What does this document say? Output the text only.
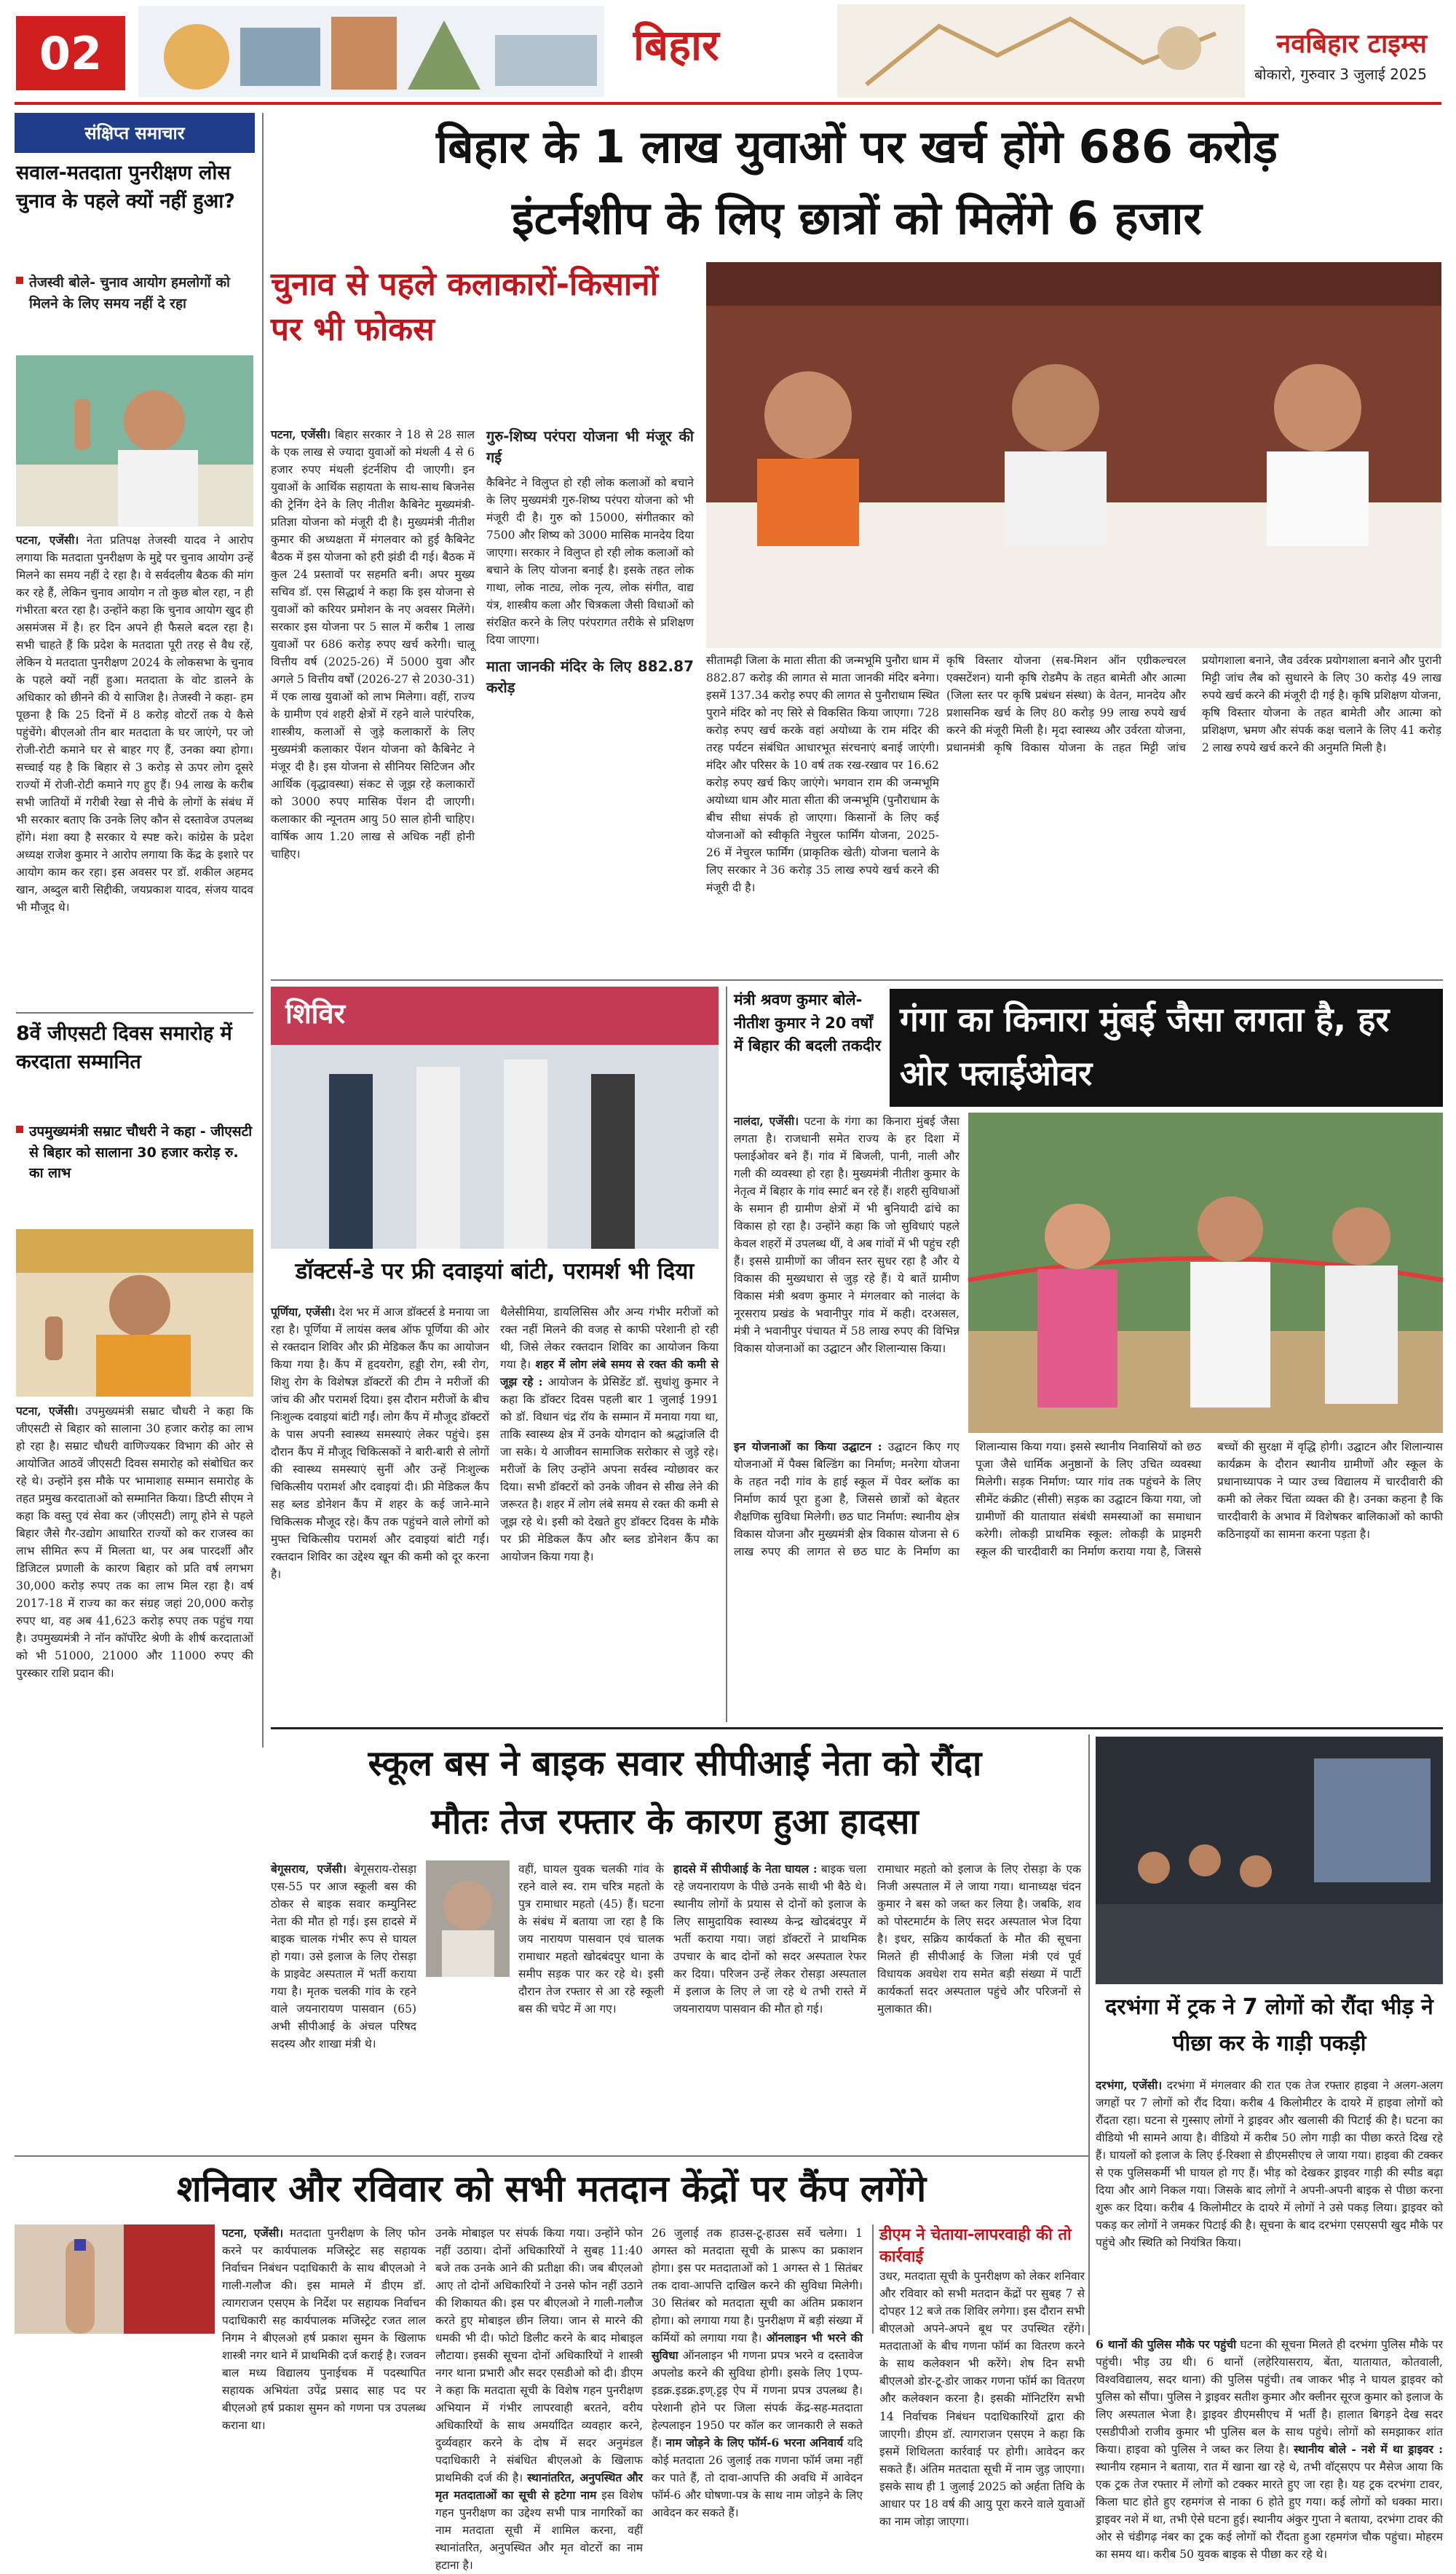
02	बिहार	नवबिहार टाइम्स
बोकारो, गुरुवार 3 जुलाई 2025
संक्षिप्त समाचार
सवाल-मतदाता पुनरीक्षण लोस चुनाव के पहले क्यों नहीं हुआ?
तेजस्वी बोले- चुनाव आयोग हमलोगों को मिलने के लिए समय नहीं दे रहा
पटना, एजेंसी। नेता प्रतिपक्ष तेजस्वी यादव ने आरोप लगाया कि मतदाता पुनरीक्षण के मुद्दे पर चुनाव आयोग उन्हें मिलने का समय नहीं दे रहा है। वे सर्वदलीय बैठक की मांग कर रहे हैं, लेकिन चुनाव आयोग न तो कुछ बोल रहा, न ही गंभीरता बरत रहा है। उन्होंने कहा कि चुनाव आयोग खुद ही असमंजस में है। हर दिन अपने ही फैसले बदल रहा है। सभी चाहते हैं कि प्रदेश के मतदाता पूरी तरह से वैध रहें, लेकिन ये मतदाता पुनरीक्षण 2024 के लोकसभा के चुनाव के पहले क्यों नहीं हुआ। मतदाता के वोट डालने के अधिकार को छीनने की ये साजिश है। तेजस्वी ने कहा- हम पूछना है कि 25 दिनों में 8 करोड़ वोटरों तक ये कैसे पहुंचेंगे। बीएलओ तीन बार मतदाता के घर जाएंगे, पर जो रोजी-रोटी कमाने घर से बाहर गए हैं, उनका क्या होगा। सच्चाई यह है कि बिहार से 3 करोड़ से ऊपर लोग दूसरे राज्यों में रोजी-रोटी कमाने गए हुए हैं। 94 लाख के करीब सभी जातियों में गरीबी रेखा से नीचे के लोगों के संबंध में भी सरकार बताए कि उनके लिए कौन से दस्तावेज उपलब्ध होंगे। मंशा क्या है सरकार ये स्पष्ट करे। कांग्रेस के प्रदेश अध्यक्ष राजेश कुमार ने आरोप लगाया कि केंद्र के इशारे पर आयोग काम कर रहा। इस अवसर पर डॉ. शकील अहमद खान, अब्दुल बारी सिद्दीकी, जयप्रकाश यादव, संजय यादव भी मौजूद थे।
8वें जीएसटी दिवस समारोह में करदाता सम्मानित
उपमुख्यमंत्री सम्राट चौधरी ने कहा - जीएसटी से बिहार को सालाना 30 हजार करोड़ रु. का लाभ
पटना, एजेंसी। उपमुख्यमंत्री सम्राट चौधरी ने कहा कि जीएसटी से बिहार को सालाना 30 हजार करोड़ का लाभ हो रहा है। सम्राट चौधरी वाणिज्यकर विभाग की ओर से आयोजित आठवें जीएसटी दिवस समारोह को संबोधित कर रहे थे। उन्होंने इस मौके पर भामाशाह सम्मान समारोह के तहत प्रमुख करदाताओं को सम्मानित किया। डिप्टी सीएम ने कहा कि वस्तु एवं सेवा कर (जीएसटी) लागू होने से पहले बिहार जैसे गैर-उद्योग आधारित राज्यों को कर राजस्व का लाभ सीमित रूप में मिलता था, पर अब पारदर्शी और डिजिटल प्रणाली के कारण बिहार को प्रति वर्ष लगभग 30,000 करोड़ रुपए तक का लाभ मिल रहा है। वर्ष 2017-18 में राज्य का कर संग्रह जहां 20,000 करोड़ रुपए था, वह अब 41,623 करोड़ रुपए तक पहुंच गया है। उपमुख्यमंत्री ने नॉन कॉर्पोरेट श्रेणी के शीर्ष करदाताओं को भी 51000, 21000 और 11000 रुपए की पुरस्कार राशि प्रदान की।
बिहार के 1 लाख युवाओं पर खर्च होंगे 686 करोड़
इंटर्नशीप के लिए छात्रों को मिलेंगे 6 हजार
चुनाव से पहले कलाकारों-किसानों पर भी फोकस
पटना, एजेंसी। बिहार सरकार ने 18 से 28 साल के एक लाख से ज्यादा युवाओं को मंथली 4 से 6 हजार रुपए मंथली इंटर्नशिप दी जाएगी। इन युवाओं के आर्थिक सहायता के साथ-साथ बिजनेस की ट्रेनिंग देने के लिए नीतीश कैबिनेट मुख्यमंत्री-प्रतिज्ञा योजना को मंजूरी दी है। मुख्यमंत्री नीतीश कुमार की अध्यक्षता में मंगलवार को हुई कैबिनेट बैठक में इस योजना को हरी झंडी दी गई। बैठक में कुल 24 प्रस्तावों पर सहमति बनी। अपर मुख्य सचिव डॉ. एस सिद्धार्थ ने कहा कि इस योजना से युवाओं को करियर प्रमोशन के नए अवसर मिलेंगे। सरकार इस योजना पर 5 साल में करीब 1 लाख युवाओं पर 686 करोड़ रुपए खर्च करेगी। चालू वित्तीय वर्ष (2025-26) में 5000 युवा और अगले 5 वित्तीय वर्षों (2026-27 से 2030-31) में एक लाख युवाओं को लाभ मिलेगा। वहीं, राज्य के ग्रामीण एवं शहरी क्षेत्रों में रहने वाले पारंपरिक, शास्त्रीय, कलाओं से जुड़े कलाकारों के लिए मुख्यमंत्री कलाकार पेंशन योजना को कैबिनेट ने मंजूर दी है। इस योजना से सीनियर सिटिजन और आर्थिक (वृद्धावस्था) संकट से जूझ रहे कलाकारों को 3000 रुपए मासिक पेंशन दी जाएगी। कलाकार की न्यूनतम आयु 50 साल होनी चाहिए। वार्षिक आय 1.20 लाख से अधिक नहीं होनी चाहिए।
गुरु-शिष्य परंपरा योजना भी मंजूर की गई
कैबिनेट ने विलुप्त हो रही लोक कलाओं को बचाने के लिए मुख्यमंत्री गुरु-शिष्य परंपरा योजना को भी मंजूरी दी है। गुरु को 15000, संगीतकार को 7500 और शिष्य को 3000 मासिक मानदेय दिया जाएगा। सरकार ने विलुप्त हो रही लोक कलाओं को बचाने के लिए योजना बनाई है। इसके तहत लोक गाथा, लोक नाट्य, लोक नृत्य, लोक संगीत, वाद्य यंत्र, शास्त्रीय कला और चित्रकला जैसी विधाओं को संरक्षित करने के लिए परंपरागत तरीके से प्रशिक्षण दिया जाएगा।
माता जानकी मंदिर के लिए 882.87 करोड़
सीतामढ़ी जिला के माता सीता की जन्मभूमि पुनौरा धाम में 882.87 करोड़ की लागत से माता जानकी मंदिर बनेगा। इसमें 137.34 करोड़ रुपए की लागत से पुनौराधाम स्थित पुराने मंदिर को नए सिरे से विकसित किया जाएगा। 728 करोड़ रुपए खर्च करके वहां अयोध्या के राम मंदिर की तरह पर्यटन संबंधित आधारभूत संरचनाएं बनाई जाएंगी। मंदिर और परिसर के 10 वर्ष तक रख-रखाव पर 16.62 करोड़ रुपए खर्च किए जाएंगे। भगवान राम की जन्मभूमि अयोध्या धाम और माता सीता की जन्मभूमि (पुनौराधाम के बीच सीधा संपर्क हो जाएगा। किसानों के लिए कई योजनाओं को स्वीकृति नेचुरल फार्मिंग योजना, 2025-26 में नेचुरल फार्मिंग (प्राकृतिक खेती) योजना चलाने के लिए सरकार ने 36 करोड़ 35 लाख रुपये खर्च करने की मंजूरी दी है।
कृषि विस्तार योजना (सब-मिशन ऑन एग्रीकल्चरल एक्सटेंशन) यानी कृषि रोडमैप के तहत बामेती और आत्मा (जिला स्तर पर कृषि प्रबंधन संस्था) के वेतन, मानदेय और प्रशासनिक खर्च के लिए 80 करोड़ 99 लाख रुपये खर्च करने की मंजूरी मिली है। मृदा स्वास्थ्य और उर्वरता योजना, प्रधानमंत्री कृषि विकास योजना के तहत मिट्टी जांच प्रयोगशाला बनाने, जैव उर्वरक प्रयोगशाला बनाने और पुरानी मिट्टी जांच लैब को सुधारने के लिए 30 करोड़ 49 लाख रुपये खर्च करने की मंजूरी दी गई है। कृषि प्रशिक्षण योजना, कृषि विस्तार योजना के तहत बामेती और आत्मा को प्रशिक्षण, भ्रमण और संपर्क कक्ष चलाने के लिए 41 करोड़ 2 लाख रुपये खर्च करने की अनुमति मिली है।
शिविर
डॉक्टर्स-डे पर फ्री दवाइयां बांटी, परामर्श भी दिया
पूर्णिया, एजेंसी। देश भर में आज डॉक्टर्स डे मनाया जा रहा है। पूर्णिया में लायंस क्लब ऑफ पूर्णिया की ओर से रक्तदान शिविर और फ्री मेडिकल कैंप का आयोजन किया गया है। कैंप में हृदयरोग, हड्डी रोग, स्त्री रोग, शिशु रोग के विशेषज्ञ डॉक्टरों की टीम ने मरीजों की जांच की और परामर्श दिया। इस दौरान मरीजों के बीच निःशुल्क दवाइयां बांटी गईं। लोग कैंप में मौजूद डॉक्टरों के पास अपनी स्वास्थ्य समस्याएं लेकर पहुंचे। इस दौरान कैंप में मौजूद चिकित्सकों ने बारी-बारी से लोगों की स्वास्थ्य समस्याएं सुनीं और उन्हें निःशुल्क चिकित्सीय परामर्श और दवाइयां दी। फ्री मेडिकल कैंप सह ब्लड डोनेशन कैंप में शहर के कई जाने-माने चिकित्सक मौजूद रहे। कैंप तक पहुंचने वाले लोगों को मुफ्त चिकित्सीय परामर्श और दवाइयां बांटी गईं। रक्तदान शिविर का उद्देश्य खून की कमी को दूर करना है।
थैलेसीमिया, डायलिसिस और अन्य गंभीर मरीजों को रक्त नहीं मिलने की वजह से काफी परेशानी हो रही थी, जिसे लेकर रक्तदान शिविर का आयोजन किया गया है। शहर में लोग लंबे समय से रक्त की कमी से जूझ रहे : आयोजन के प्रेसिडेंट डॉ. सुधांशु कुमार ने कहा कि डॉक्टर दिवस पहली बार 1 जुलाई 1991 को डॉ. विधान चंद्र रॉय के सम्मान में मनाया गया था, ताकि स्वास्थ्य क्षेत्र में उनके योगदान को श्रद्धांजलि दी जा सके। ये आजीवन सामाजिक सरोकार से जुड़े रहे। मरीजों के लिए उन्होंने अपना सर्वस्व न्योछावर कर दिया। सभी डॉक्टरों को उनके जीवन से सीख लेने की जरूरत है। शहर में लोग लंबे समय से रक्त की कमी से जूझ रहे थे। इसी को देखते हुए डॉक्टर दिवस के मौके पर फ्री मेडिकल कैंप और ब्लड डोनेशन कैंप का आयोजन किया गया है।
मंत्री श्रवण कुमार बोले- नीतीश कुमार ने 20 वर्षों में बिहार की बदली तकदीर
गंगा का किनारा मुंबई जैसा लगता है, हर ओर फ्लाईओवर
नालंदा, एजेंसी। पटना के गंगा का किनारा मुंबई जैसा लगता है। राजधानी समेत राज्य के हर दिशा में फ्लाईओवर बने हैं। गांव में बिजली, पानी, नाली और गली की व्यवस्था हो रहा है। मुख्यमंत्री नीतीश कुमार के नेतृत्व में बिहार के गांव स्मार्ट बन रहे हैं। शहरी सुविधाओं के समान ही ग्रामीण क्षेत्रों में भी बुनियादी ढांचे का विकास हो रहा है। उन्होंने कहा कि जो सुविधाएं पहले केवल शहरों में उपलब्ध थीं, वे अब गांवों में भी पहुंच रही हैं। इससे ग्रामीणों का जीवन स्तर सुधर रहा है और ये विकास की मुख्यधारा से जुड़ रहे हैं। ये बातें ग्रामीण विकास मंत्री श्रवण कुमार ने मंगलवार को नालंदा के नूरसराय प्रखंड के भवानीपुर गांव में कही। दरअसल, मंत्री ने भवानीपुर पंचायत में 58 लाख रुपए की विभिन्न विकास योजनाओं का उद्घाटन और शिलान्यास किया।
इन योजनाओं का किया उद्घाटन : उद्घाटन किए गए योजनाओं में पैक्स बिल्डिंग का निर्माण; मनरेगा योजना के तहत नदी गांव के हाई स्कूल में पेवर ब्लॉक का निर्माण कार्य पूरा हुआ है, जिससे छात्रों को बेहतर शैक्षणिक सुविधा मिलेगी। छठ घाट निर्माण: स्थानीय क्षेत्र विकास योजना और मुख्यमंत्री क्षेत्र विकास योजना से 6 लाख रुपए की लागत से छठ घाट के निर्माण का शिलान्यास किया गया। इससे स्थानीय निवासियों को छठ पूजा जैसे धार्मिक अनुष्ठानों के लिए उचित व्यवस्था मिलेगी। सड़क निर्माण: प्यार गांव तक पहुंचने के लिए सीमेंट कंक्रीट (सीसी) सड़क का उद्घाटन किया गया, जो ग्रामीणों की यातायात संबंधी समस्याओं का समाधान करेगी। लोकड़ी प्राथमिक स्कूल: लोकड़ी के प्राइमरी स्कूल की चारदीवारी का निर्माण कराया गया है, जिससे बच्चों की सुरक्षा में वृद्धि होगी। उद्घाटन और शिलान्यास कार्यक्रम के दौरान स्थानीय ग्रामीणों और स्कूल के प्रधानाध्यापक ने प्यार उच्च विद्यालय में चारदीवारी की कमी को लेकर चिंता व्यक्त की है। उनका कहना है कि चारदीवारी के अभाव में विशेषकर बालिकाओं को काफी कठिनाइयों का सामना करना पड़ता है।
स्कूल बस ने बाइक सवार सीपीआई नेता को रौंदा
मौतः तेज रफ्तार के कारण हुआ हादसा
बेगूसराय, एजेंसी। बेगूसराय-रोसड़ा एस-55 पर आज स्कूली बस की ठोकर से बाइक सवार कम्युनिस्ट नेता की मौत हो गई। इस हादसे में बाइक चालक गंभीर रूप से घायल हो गया। उसे इलाज के लिए रोसड़ा के प्राइवेट अस्पताल में भर्ती कराया गया है। मृतक चलकी गांव के रहने वाले जयनारायण पासवान (65) अभी सीपीआई के अंचल परिषद सदस्य और शाखा मंत्री थे।
वहीं, घायल युवक चलकी गांव के रहने वाले स्व. राम चरित्र महतो के पुत्र रामाधार महतो (45) हैं। घटना के संबंध में बताया जा रहा है कि जय नारायण पासवान एवं चालक रामाधार महतो खोदबंदपुर थाना के समीप सड़क पार कर रहे थे। इसी दौरान तेज रफ्तार से आ रहे स्कूली बस की चपेट में आ गए।
हादसे में सीपीआई के नेता घायल : बाइक चला रहे जयनारायण के पीछे उनके साथी भी बैठे थे। स्थानीय लोगों के प्रयास से दोनों को इलाज के लिए सामुदायिक स्वास्थ्य केन्द्र खोदबंदपुर में भर्ती कराया गया। जहां डॉक्टरों ने प्राथमिक उपचार के बाद दोनों को सदर अस्पताल रेफर कर दिया। परिजन उन्हें लेकर रोसड़ा अस्पताल में इलाज के लिए ले जा रहे थे तभी रास्ते में जयनारायण पासवान की मौत हो गई।
रामाधार महतो को इलाज के लिए रोसड़ा के एक निजी अस्पताल में ले जाया गया। थानाध्यक्ष चंदन कुमार ने बस को जब्त कर लिया है। जबकि, शव को पोस्टमार्टम के लिए सदर अस्पताल भेज दिया है। इधर, सक्रिय कार्यकर्ता के मौत की सूचना मिलते ही सीपीआई के जिला मंत्री एवं पूर्व विधायक अवधेश राय समेत बड़ी संख्या में पार्टी कार्यकर्ता सदर अस्पताल पहुंचे और परिजनों से मुलाकात की।	दरभंगा में ट्रक ने 7 लोगों को रौंदा भीड़ ने पीछा कर के गाड़ी पकड़ी
दरभंगा, एजेंसी। दरभंगा में मंगलवार की रात एक तेज रफ्तार हाइवा ने अलग-अलग जगहों पर 7 लोगों को रौंद दिया। करीब 4 किलोमीटर के दायरे में हाइवा लोगों को रौंदता रहा। घटना से गुस्साए लोगों ने ड्राइवर और खलासी की पिटाई की है। घटना का वीडियो भी सामने आया है। वीडियो में करीब 50 लोग गाड़ी का पीछा करते दिख रहे हैं। घायलों को इलाज के लिए ई-रिक्शा से डीएमसीएच ले जाया गया। हाइवा की टक्कर से एक पुलिसकर्मी भी घायल हो गए हैं। भीड़ को देखकर ड्राइवर गाड़ी की स्पीड बढ़ा दिया और आगे निकल गया। जिसके बाद लोगों ने अपनी-अपनी बाइक से पीछा करना शुरू कर दिया। करीब 4 किलोमीटर के दायरे में लोगों ने उसे पकड़ लिया। ड्राइवर को पकड़ कर लोगों ने जमकर पिटाई की है। सूचना के बाद दरभंगा एसएसपी खुद मौके पर पहुंचे और स्थिति को नियंत्रित किया।
शनिवार और रविवार को सभी मतदान केंद्रों पर कैंप लगेंगे
पटना, एजेंसी। मतदाता पुनरीक्षण के लिए फोन करने पर कार्यपालक मजिस्ट्रेट सह सहायक निर्वाचन निबंधन पदाधिकारी के साथ बीएलओ ने गाली-गलौज की। इस मामले में डीएम डॉ. त्यागराजन एसएम के निर्देश पर सहायक निर्वाचन पदाधिकारी सह कार्यपालक मजिस्ट्रेट रजत लाल निगम ने बीएलओ हर्ष प्रकाश सुमन के खिलाफ शास्त्री नगर थाने में प्राथमिकी दर्ज कराई है। रजवन बाल मध्य विद्यालय पुनाईचक में पदस्थापित सहायक अभियंता उपेंद्र प्रसाद साह पद पर बीएलओ हर्ष प्रकाश सुमन को गणना पत्र उपलब्ध कराना था।
उनके मोबाइल पर संपर्क किया गया। उन्होंने फोन नहीं उठाया। दोनों अधिकारियों ने सुबह 11:40 बजे तक उनके आने की प्रतीक्षा की। जब बीएलओ आए तो दोनों अधिकारियों ने उनसे फोन नहीं उठाने की शिकायत की। इस पर बीएलओ ने गाली-गलौज करते हुए मोबाइल छीन लिया। जान से मारने की धमकी भी दी। फोटो डिलीट करने के बाद मोबाइल लौटाया। इसकी सूचना दोनों अधिकारियों ने शास्त्री नगर थाना प्रभारी और सदर एसडीओ को दी। डीएम ने कहा कि मतदाता सूची के विशेष गहन पुनरीक्षण अभियान में गंभीर लापरवाही बरतने, वरीय अधिकारियों के साथ अमर्यादित व्यवहार करने, दुर्व्यवहार करने के दोष में सदर अनुमंडल पदाधिकारी ने संबंधित बीएलओ के खिलाफ प्राथमिकी दर्ज की है। स्थानांतरित, अनुपस्थित और मृत मतदाताओं का सूची से हटेगा नाम इस विशेष गहन पुनरीक्षण का उद्देश्य सभी पात्र नागरिकों का नाम मतदाता सूची में शामिल करना, वहीं स्थानांतरित, अनुपस्थित और मृत वोटरों का नाम हटाना है।
26 जुलाई तक हाउस-टू-हाउस सर्वे चलेगा। 1 अगस्त को मतदाता सूची के प्रारूप का प्रकाशन होगा। इस पर मतदाताओं को 1 अगस्त से 1 सितंबर तक दावा-आपत्ति दाखिल करने की सुविधा मिलेगी। 30 सितंबर को मतदाता सूची का अंतिम प्रकाशन होगा। को लगाया गया है। पुनरीक्षण में बड़ी संख्या में कर्मियों को लगाया गया है। ऑनलाइन भी भरने की सुविधा ऑनलाइन भी गणना प्रपत्र भरने व दस्तावेज अपलोड करने की सुविधा होगी। इसके लिए 1एप्प-इडक्र.इडक्र.इण्.ट्टइ ऐप में गणना प्रपत्र उपलब्ध है। परेशानी होने पर जिला संपर्क केंद्र-सह-मतदाता हेल्पलाइन 1950 पर कॉल कर जानकारी ले सकते हैं। नाम जोड़ने के लिए फॉर्म-6 भरना अनिवार्य यदि कोई मतदाता 26 जुलाई तक गणना फॉर्म जमा नहीं कर पाते हैं, तो दावा-आपत्ति की अवधि में आवेदन फॉर्म-6 और घोषणा-पत्र के साथ नाम जोड़ने के लिए आवेदन कर सकते हैं।
डीएम ने चेताया-लापरवाही की तो कार्रवाई
उधर, मतदाता सूची के पुनरीक्षण को लेकर शनिवार और रविवार को सभी मतदान केंद्रों पर सुबह 7 से दोपहर 12 बजे तक शिविर लगेगा। इस दौरान सभी बीएलओ अपने-अपने बूथ पर उपस्थित रहेंगे। मतदाताओं के बीच गणना फॉर्म का वितरण करने के साथ कलेक्शन भी करेंगे। शेष दिन सभी बीएलओ डोर-टू-डोर जाकर गणना फॉर्म का वितरण और कलेक्शन करना है। इसकी मॉनिटरिंग सभी 14 निर्वाचक निबंधन पदाधिकारियों द्वारा की जाएगी। डीएम डॉ. त्यागराजन एसएम ने कहा कि इसमें शिथिलता कार्रवाई पर होगी। आवेदन कर सकते हैं। अंतिम मतदाता सूची में नाम जुड़ जाएगा। इसके साथ ही 1 जुलाई 2025 को अर्हता तिथि के आधार पर 18 वर्ष की आयु पूरा करने वाले युवाओं का नाम जोड़ा जाएगा।
6 थानों की पुलिस मौके पर पहुंची घटना की सूचना मिलते ही दरभंगा पुलिस मौके पर पहुंची। भीड़ उग्र थी। 6 थानों (लहेरियासराय, बेंता, यातायात, कोतवाली, विश्वविद्यालय, सदर थाना) की पुलिस पहुंची। तब जाकर भीड़ ने घायल ड्राइवर को पुलिस को सौंपा। पुलिस ने ड्राइवर सतीश कुमार और क्लीनर सूरज कुमार को इलाज के लिए अस्पताल भेजा है। ड्राइवर डीएमसीएच में भर्ती है। हालात बिगड़ने देख सदर एसडीपीओ राजीव कुमार भी पुलिस बल के साथ पहुंचे। लोगों को समझाकर शांत किया। हाइवा को पुलिस ने जब्त कर लिया है। स्थानीय बोले - नशे में था ड्राइवर : स्थानीय रहमान ने बताया, रात में खाना खा रहे थे, तभी वॉट्सएप पर मैसेज आया कि एक ट्रक तेज रफ्तार में लोगों को टक्कर मारते हुए जा रहा है। यह ट्रक दरभंगा टावर, किला घाट होते हुए रहमगंज से नाका 6 होते हुए गया। कई लोगों को धक्का मारा। ड्राइवर नशे में था, तभी ऐसे घटना हुई। स्थानीय अंकुर गुप्ता ने बताया, दरभंगा टावर की ओर से चंडीगढ़ नंबर का ट्रक कई लोगों को रौंदता हुआ रहमगंज चौक पहुंचा। मोहरम का समय था। करीब 50 युवक बाइक से पीछा कर रहे थे।
